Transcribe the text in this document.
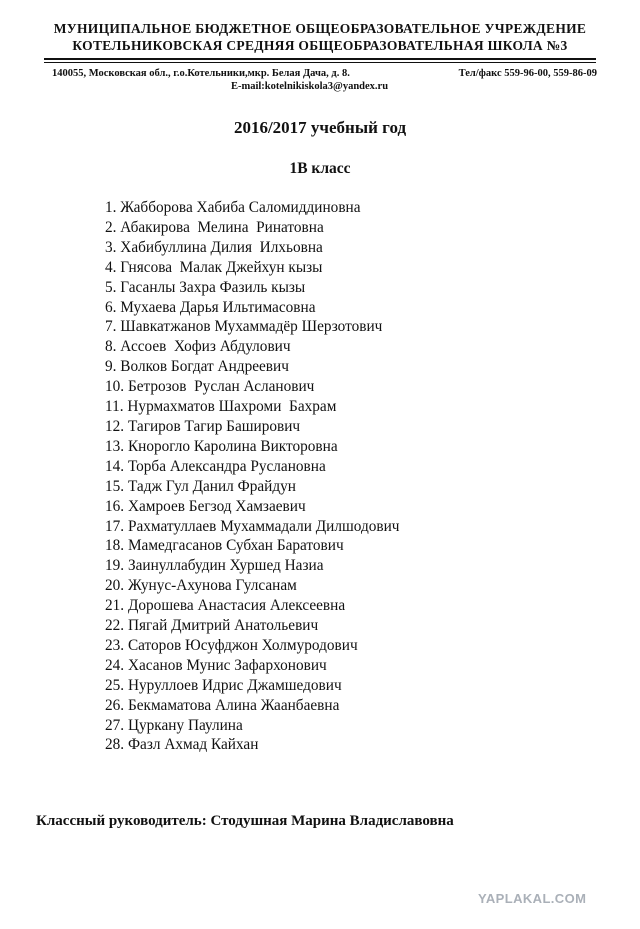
МУНИЦИПАЛЬНОЕ БЮДЖЕТНОЕ ОБЩЕОБРАЗОВАТЕЛЬНОЕ УЧРЕЖДЕНИЕ
КОТЕЛЬНИКОВСКАЯ СРЕДНЯЯ ОБЩЕОБРАЗОВАТЕЛЬНАЯ ШКОЛА №3
140055, Московская обл., г.о.Котельники,мкр. Белая Дача, д. 8.	Тел/факс 559-96-00, 559-86-09
E-mail:kotelnikiskola3@yandex.ru
2016/2017 учебный год
1В класс
1. Жабборова Хабиба Саломиддиновна
2. Абакирова  Мелина  Ринатовна
3. Хабибуллина Дилия  Илхьовна
4. Гнясова  Малак Джейхун кызы
5. Гасанлы Захра Фазиль кызы
6. Мухаева Дарья Ильтимасовна
7. Шавкатжанов Мухаммадёр Шерзотович
8. Ассоев  Хофиз Абдулович
9. Волков Богдат Андреевич
10. Бетрозов  Руслан Асланович
11. Нурмахматов Шахроми  Бахрам
12. Тагиров Тагир Баширович
13. Кнорогло Каролина Викторовна
14. Торба Александра Руслановна
15. Тадж Гул Данил Фрайдун
16. Хамроев Бегзод Хамзаевич
17. Рахматуллаев Мухаммадали Дилшодович
18. Мамедгасанов Субхан Баратович
19. Заинуллабудин Хуршед Назиа
20. Жунус-Ахунова Гулсанам
21. Дорошева Анастасия Алексеевна
22. Пягай Дмитрий Анатольевич
23. Саторов Юсуфджон Холмуродович
24. Хасанов Мунис Зафархонович
25. Нуруллоев Идрис Джамшедович
26. Бекмаматова Алина Жаанбаевна
27. Цуркану Паулина
28. Фазл Ахмад Кайхан
Классный руководитель: Стодушная Марина Владиславовна
YAPLAKAL.COM
